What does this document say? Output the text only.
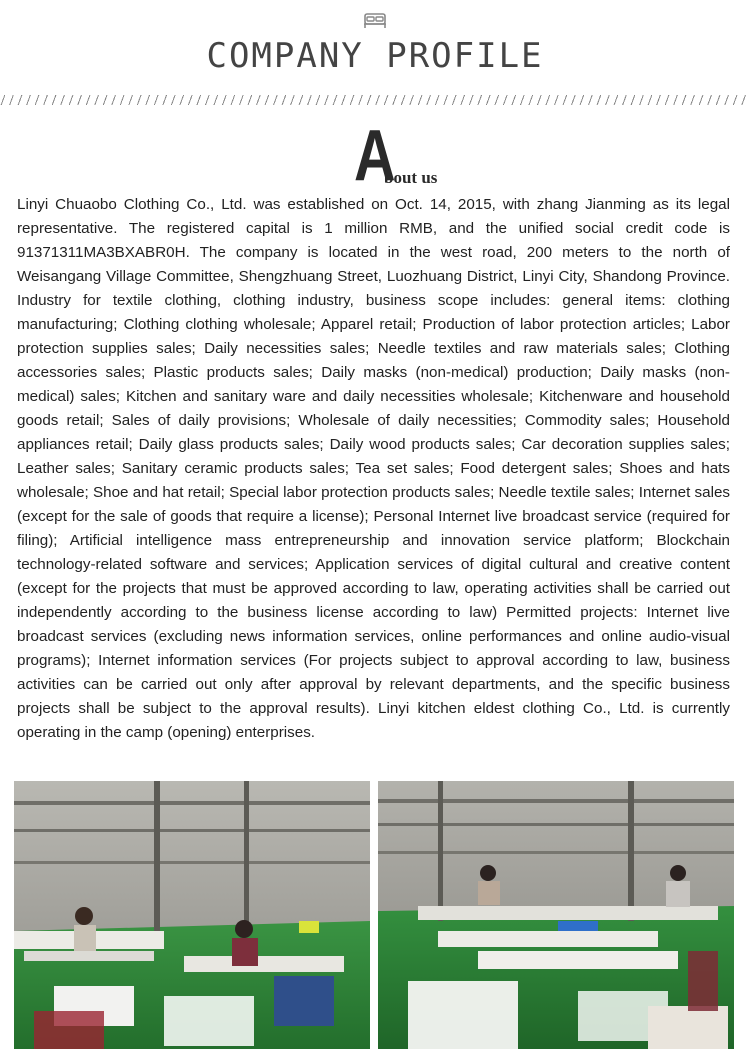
COMPANY PROFILE
A
bout us

Linyi Chuaobo Clothing Co., Ltd. was established on Oct. 14, 2015, with zhang Jianming as its legal representative. The registered capital is 1 million RMB, and the unified social credit code is 91371311MA3BXABR0H. The company is located in the west road, 200 meters to the north of Weisangang Village Committee, Shengzhuang Street, Luozhuang District, Linyi City, Shandong Province. Industry for textile clothing, clothing industry, business scope includes: general items: clothing manufacturing; Clothing clothing wholesale; Apparel retail; Production of labor protection articles; Labor protection supplies sales; Daily necessities sales; Needle textiles and raw materials sales; Clothing accessories sales; Plastic products sales; Daily masks (non-medical) production; Daily masks (non-medical) sales; Kitchen and sanitary ware and daily necessities wholesale; Kitchenware and household goods retail; Sales of daily provisions; Wholesale of daily necessities; Commodity sales; Household appliances retail; Daily glass products sales; Daily wood products sales; Car decoration supplies sales; Leather sales; Sanitary ceramic products sales; Tea set sales; Food detergent sales; Shoes and hats wholesale; Shoe and hat retail; Special labor protection products sales; Needle textile sales; Internet sales (except for the sale of goods that require a license); Personal Internet live broadcast service (required for filing); Artificial intelligence mass entrepreneurship and innovation service platform; Blockchain technology-related software and services; Application services of digital cultural and creative content (except for the projects that must be approved according to law, operating activities shall be carried out independently according to the business license according to law) Permitted projects: Internet live broadcast services (excluding news information services, online performances and online audio-visual programs); Internet information services (For projects subject to approval according to law, business activities can be carried out only after approval by relevant departments, and the specific business projects shall be subject to the approval results). Linyi kitchen eldest clothing Co., Ltd. is currently operating in the camp (opening) enterprises.
